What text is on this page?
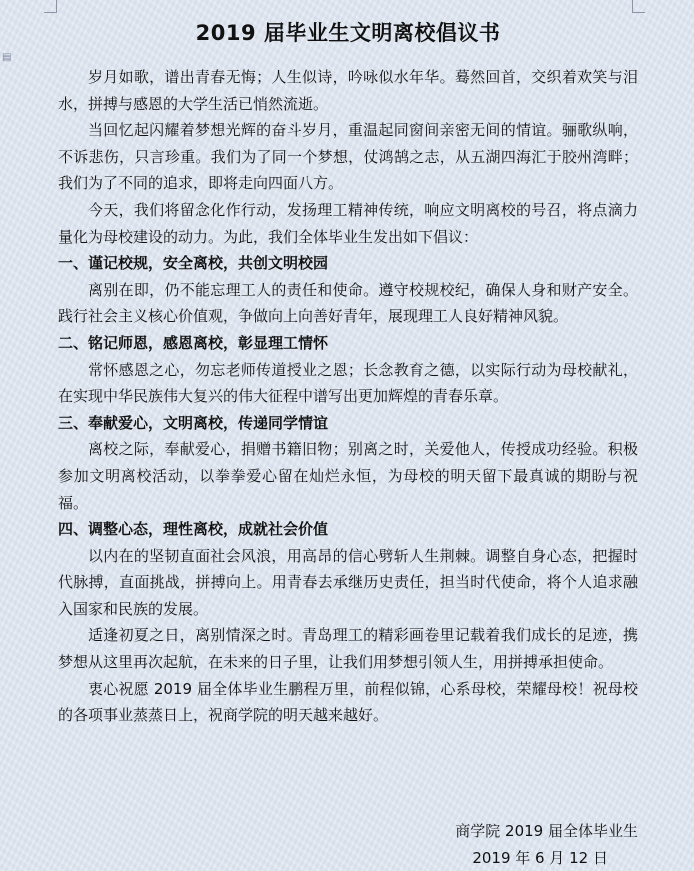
▤
2019 届毕业生文明离校倡议书

岁月如歌，谱出青春无悔；人生似诗，吟咏似水年华。蓦然回首，交织着欢笑与泪水，拼搏与感恩的大学生活已悄然流逝。

当回忆起闪耀着梦想光辉的奋斗岁月，重温起同窗间亲密无间的情谊。骊歌纵响，不诉悲伤，只言珍重。我们为了同一个梦想，仗鸿鹄之志，从五湖四海汇于胶州湾畔；我们为了不同的追求，即将走向四面八方。

今天，我们将留念化作行动，发扬理工精神传统，响应文明离校的号召，将点滴力量化为母校建设的动力。为此，我们全体毕业生发出如下倡议：

一、谨记校规，安全离校，共创文明校园

离别在即，仍不能忘理工人的责任和使命。遵守校规校纪，确保人身和财产安全。践行社会主义核心价值观，争做向上向善好青年，展现理工人良好精神风貌。

二、铭记师恩，感恩离校，彰显理工情怀

常怀感恩之心，勿忘老师传道授业之恩；长念教育之德，以实际行动为母校献礼，在实现中华民族伟大复兴的伟大征程中谱写出更加辉煌的青春乐章。

三、奉献爱心，文明离校，传递同学情谊

离校之际，奉献爱心，捐赠书籍旧物；别离之时，关爱他人，传授成功经验。积极参加文明离校活动，以拳拳爱心留在灿烂永恒，为母校的明天留下最真诚的期盼与祝福。

四、调整心态，理性离校，成就社会价值

以内在的坚韧直面社会风浪，用高昂的信心劈斩人生荆棘。调整自身心态，把握时代脉搏，直面挑战，拼搏向上。用青春去承继历史责任，担当时代使命，将个人追求融入国家和民族的发展。

适逢初夏之日，离别情深之时。青岛理工的精彩画卷里记载着我们成长的足迹，携梦想从这里再次起航，在未来的日子里，让我们用梦想引领人生，用拼搏承担使命。

衷心祝愿 2019 届全体毕业生鹏程万里，前程似锦，心系母校，荣耀母校！祝母校的各项事业蒸蒸日上，祝商学院的明天越来越好。

商学院 2019 届全体毕业生
2019 年 6 月 12 日
